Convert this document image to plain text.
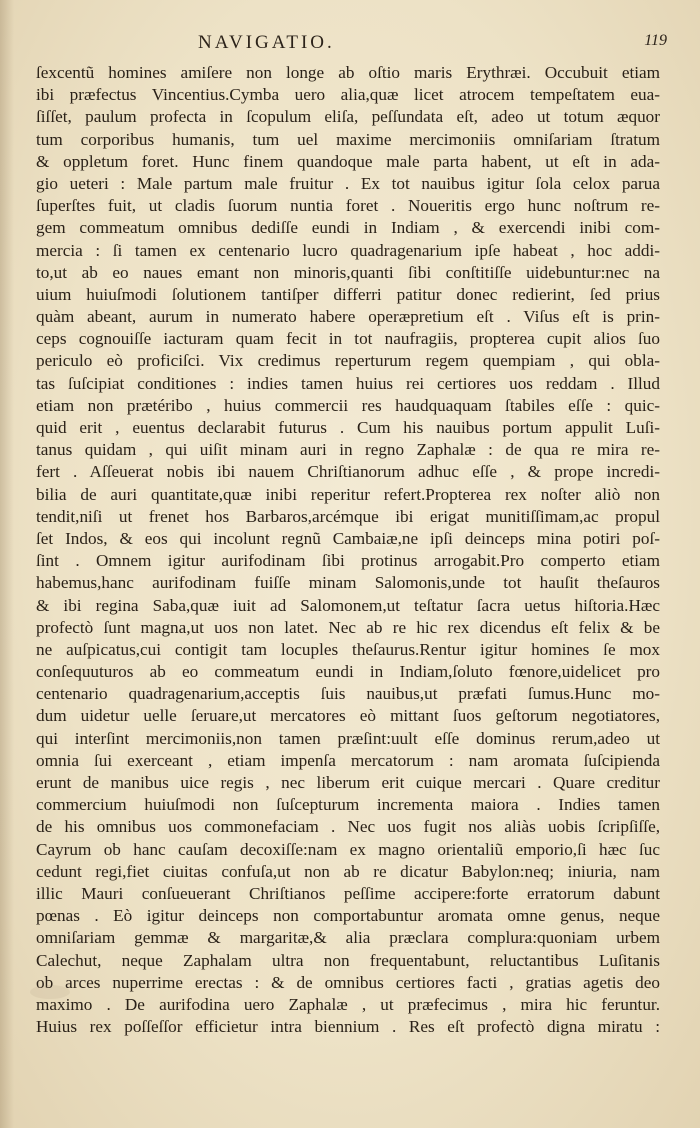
NAVIGATIO.	119
ſexcentũ homines amiſere non longe ab oſtio maris Erythræi. Occubuit etiam
ibi præfectus Vincentius.Cymba uero alia,quæ licet atrocem tempeſtatem eua-
ſiſſet, paulum profecta in ſcopulum eliſa, peſſundata eſt, adeo ut totum æquor
tum corporibus humanis, tum uel maxime mercimoniis omniſariam ſtratum
& oppletum foret. Hunc finem quandoque male parta habent, ut eſt in ada-
gio ueteri : Male partum male fruitur . Ex tot nauibus igitur ſola celox parua
ſuperſtes fuit, ut cladis ſuorum nuntia foret . Noueritis ergo hunc noſtrum re-
gem commeatum omnibus dediſſe eundi in Indiam , & exercendi inibi com-
mercia : ſi tamen ex centenario lucro quadragenarium ipſe habeat , hoc addi-
to,ut ab eo naues emant non minoris,quanti ſibi conſtitiſſe uidebuntur:nec na
uium huiuſmodi ſolutionem tantiſper differri patitur donec redierint, ſed prius
quàm abeant, aurum in numerato habere operæpretium eſt . Viſus eſt is prin-
ceps cognouiſſe iacturam quam fecit in tot naufragiis, propterea cupit alios ſuo
periculo eò proficiſci. Vix credimus reperturum regem quempiam , qui obla-
tas ſuſcipiat conditiones : indies tamen huius rei certiores uos reddam . Illud
etiam non prætéribo , huius commercii res haudquaquam ſtabiles eſſe : quic-
quid erit , euentus declarabit futurus . Cum his nauibus portum appulit Luſi-
tanus quidam , qui uiſit minam auri in regno Zaphalæ : de qua re mira re-
fert . Aſſeuerat nobis ibi nauem Chriſtianorum adhuc eſſe , & prope incredi-
bilia de auri quantitate,quæ inibi reperitur refert.Propterea rex noſter aliò non
tendit,niſi ut frenet hos Barbaros,arcémque ibi erigat munitiſſimam,ac propul
ſet Indos, & eos qui incolunt regnũ Cambaiæ,ne ipſi deinceps mina potiri poſ-
ſint . Omnem igitur aurifodinam ſibi protinus arrogabit.Pro comperto etiam
habemus,hanc aurifodinam fuiſſe minam Salomonis,unde tot hauſit theſauros
& ibi regina Saba,quæ iuit ad Salomonem,ut teſtatur ſacra uetus hiſtoria.Hæc
profectò ſunt magna,ut uos non latet. Nec ab re hic rex dicendus eſt felix & be
ne auſpicatus,cui contigit tam locuples theſaurus.Rentur igitur homines ſe mox
conſequuturos ab eo commeatum eundi in Indiam,ſoluto fœnore,uidelicet pro
centenario quadragenarium,acceptis ſuis nauibus,ut præfati ſumus.Hunc mo-
dum uidetur uelle ſeruare,ut mercatores eò mittant ſuos geſtorum negotiatores,
qui interſint mercimoniis,non tamen præſint:uult eſſe dominus rerum,adeo ut
omnia ſui exerceant , etiam impenſa mercatorum : nam aromata ſuſcipienda
erunt de manibus uice regis , nec liberum erit cuique mercari . Quare creditur
commercium huiuſmodi non ſuſcepturum incrementa maiora . Indies tamen
de his omnibus uos commonefaciam . Nec uos fugit nos aliàs uobis ſcripſiſſe,
Cayrum ob hanc cauſam decoxiſſe:nam ex magno orientaliũ emporio,ſi hæc ſuc
cedunt regi,fiet ciuitas confuſa,ut non ab re dicatur Babylon:neq; iniuria, nam
illic Mauri conſueuerant Chriſtianos peſſime accipere:forte erratorum dabunt
pœnas . Eò igitur deinceps non comportabuntur aromata omne genus, neque
omniſariam gemmæ & margaritæ,& alia præclara complura:quoniam urbem
Calechut, neque Zaphalam ultra non frequentabunt, reluctantibus Luſitanis
ob arces nuperrime erectas : & de omnibus certiores facti , gratias agetis deo
maximo . De aurifodina uero Zaphalæ , ut præfecimus , mira hic feruntur.
Huius rex poſſeſſor efficietur intra biennium . Res eſt profectò digna miratu :
